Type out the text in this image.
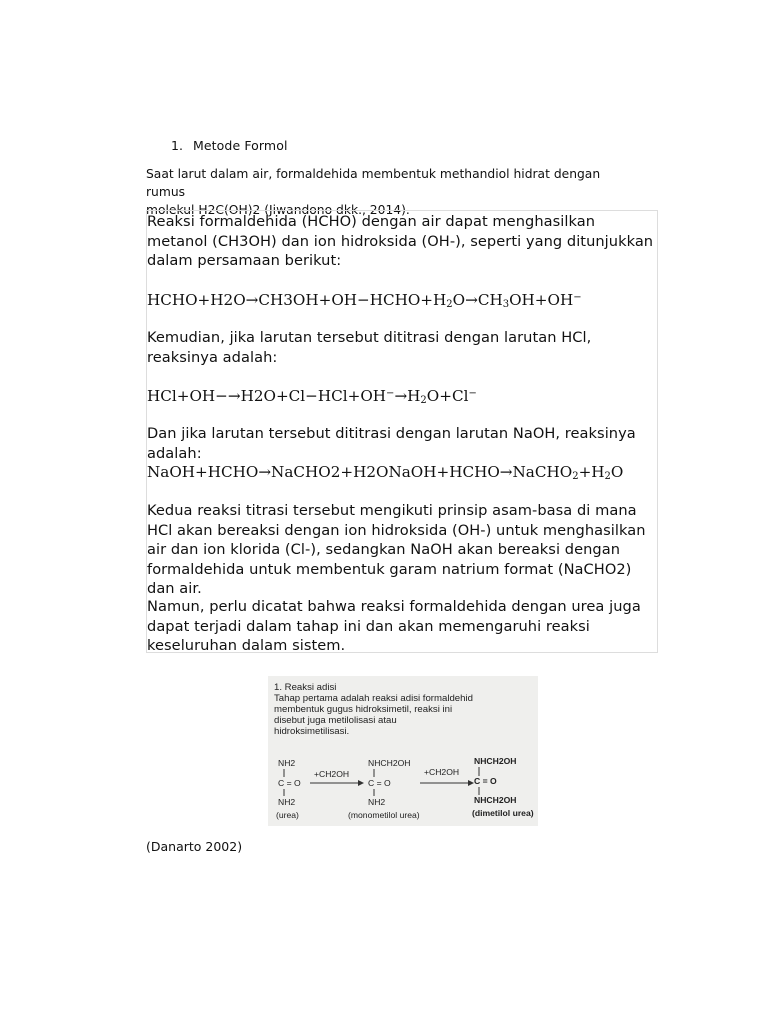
1. Metode Formol
Saat larut dalam air, formaldehida membentuk methandiol hidrat dengan rumus
molekul H2C(OH)2 (Jiwandono dkk., 2014).

Reaksi formaldehida (HCHO) dengan air dapat menghasilkan metanol (CH3OH) dan ion hidroksida (OH-), seperti yang ditunjukkan dalam persamaan berikut:

$HCHO+H2O\to CH3OH+OH-HCHO+H_2O\to CH_3OH+OH^-$

Kemudian, jika larutan tersebut dititrasi dengan larutan HCl, reaksinya adalah:

$HCl+OH-\to H2O+Cl-HCl+OH^-\to H_2O+Cl^-$

Dan jika larutan tersebut dititrasi dengan larutan NaOH, reaksinya adalah:

$NaOH+HCHO\to NaCHO2+H2ONaOH+HCHO\to NaCHO_2+H_2O$

Kedua reaksi titrasi tersebut mengikuti prinsip asam-basa di mana HCl akan bereaksi dengan ion hidroksida (OH-) untuk menghasilkan air dan ion klorida (Cl-), sedangkan NaOH akan bereaksi dengan formaldehida untuk membentuk garam natrium format (NaCHO2) dan air.

Namun, perlu dicatat bahwa reaksi formaldehida dengan urea juga dapat terjadi dalam tahap ini dan akan memengaruhi reaksi keseluruhan dalam sistem.

1. Reaksi adisi
Tahap pertama adalah reaksi adisi formaldehid
membentuk gugus hidroksimetil, reaksi ini
disebut juga metilolisasi atau
hidroksimetilisasi.
+CH2OH	+CH2OH
NH2
C = O
NH2
(urea)
NHCH2OH
C = O
NH2
(monometilol urea)
NHCH2OH
C = O
NHCH2OH
(dimetilol urea)
(Danarto 2002)
